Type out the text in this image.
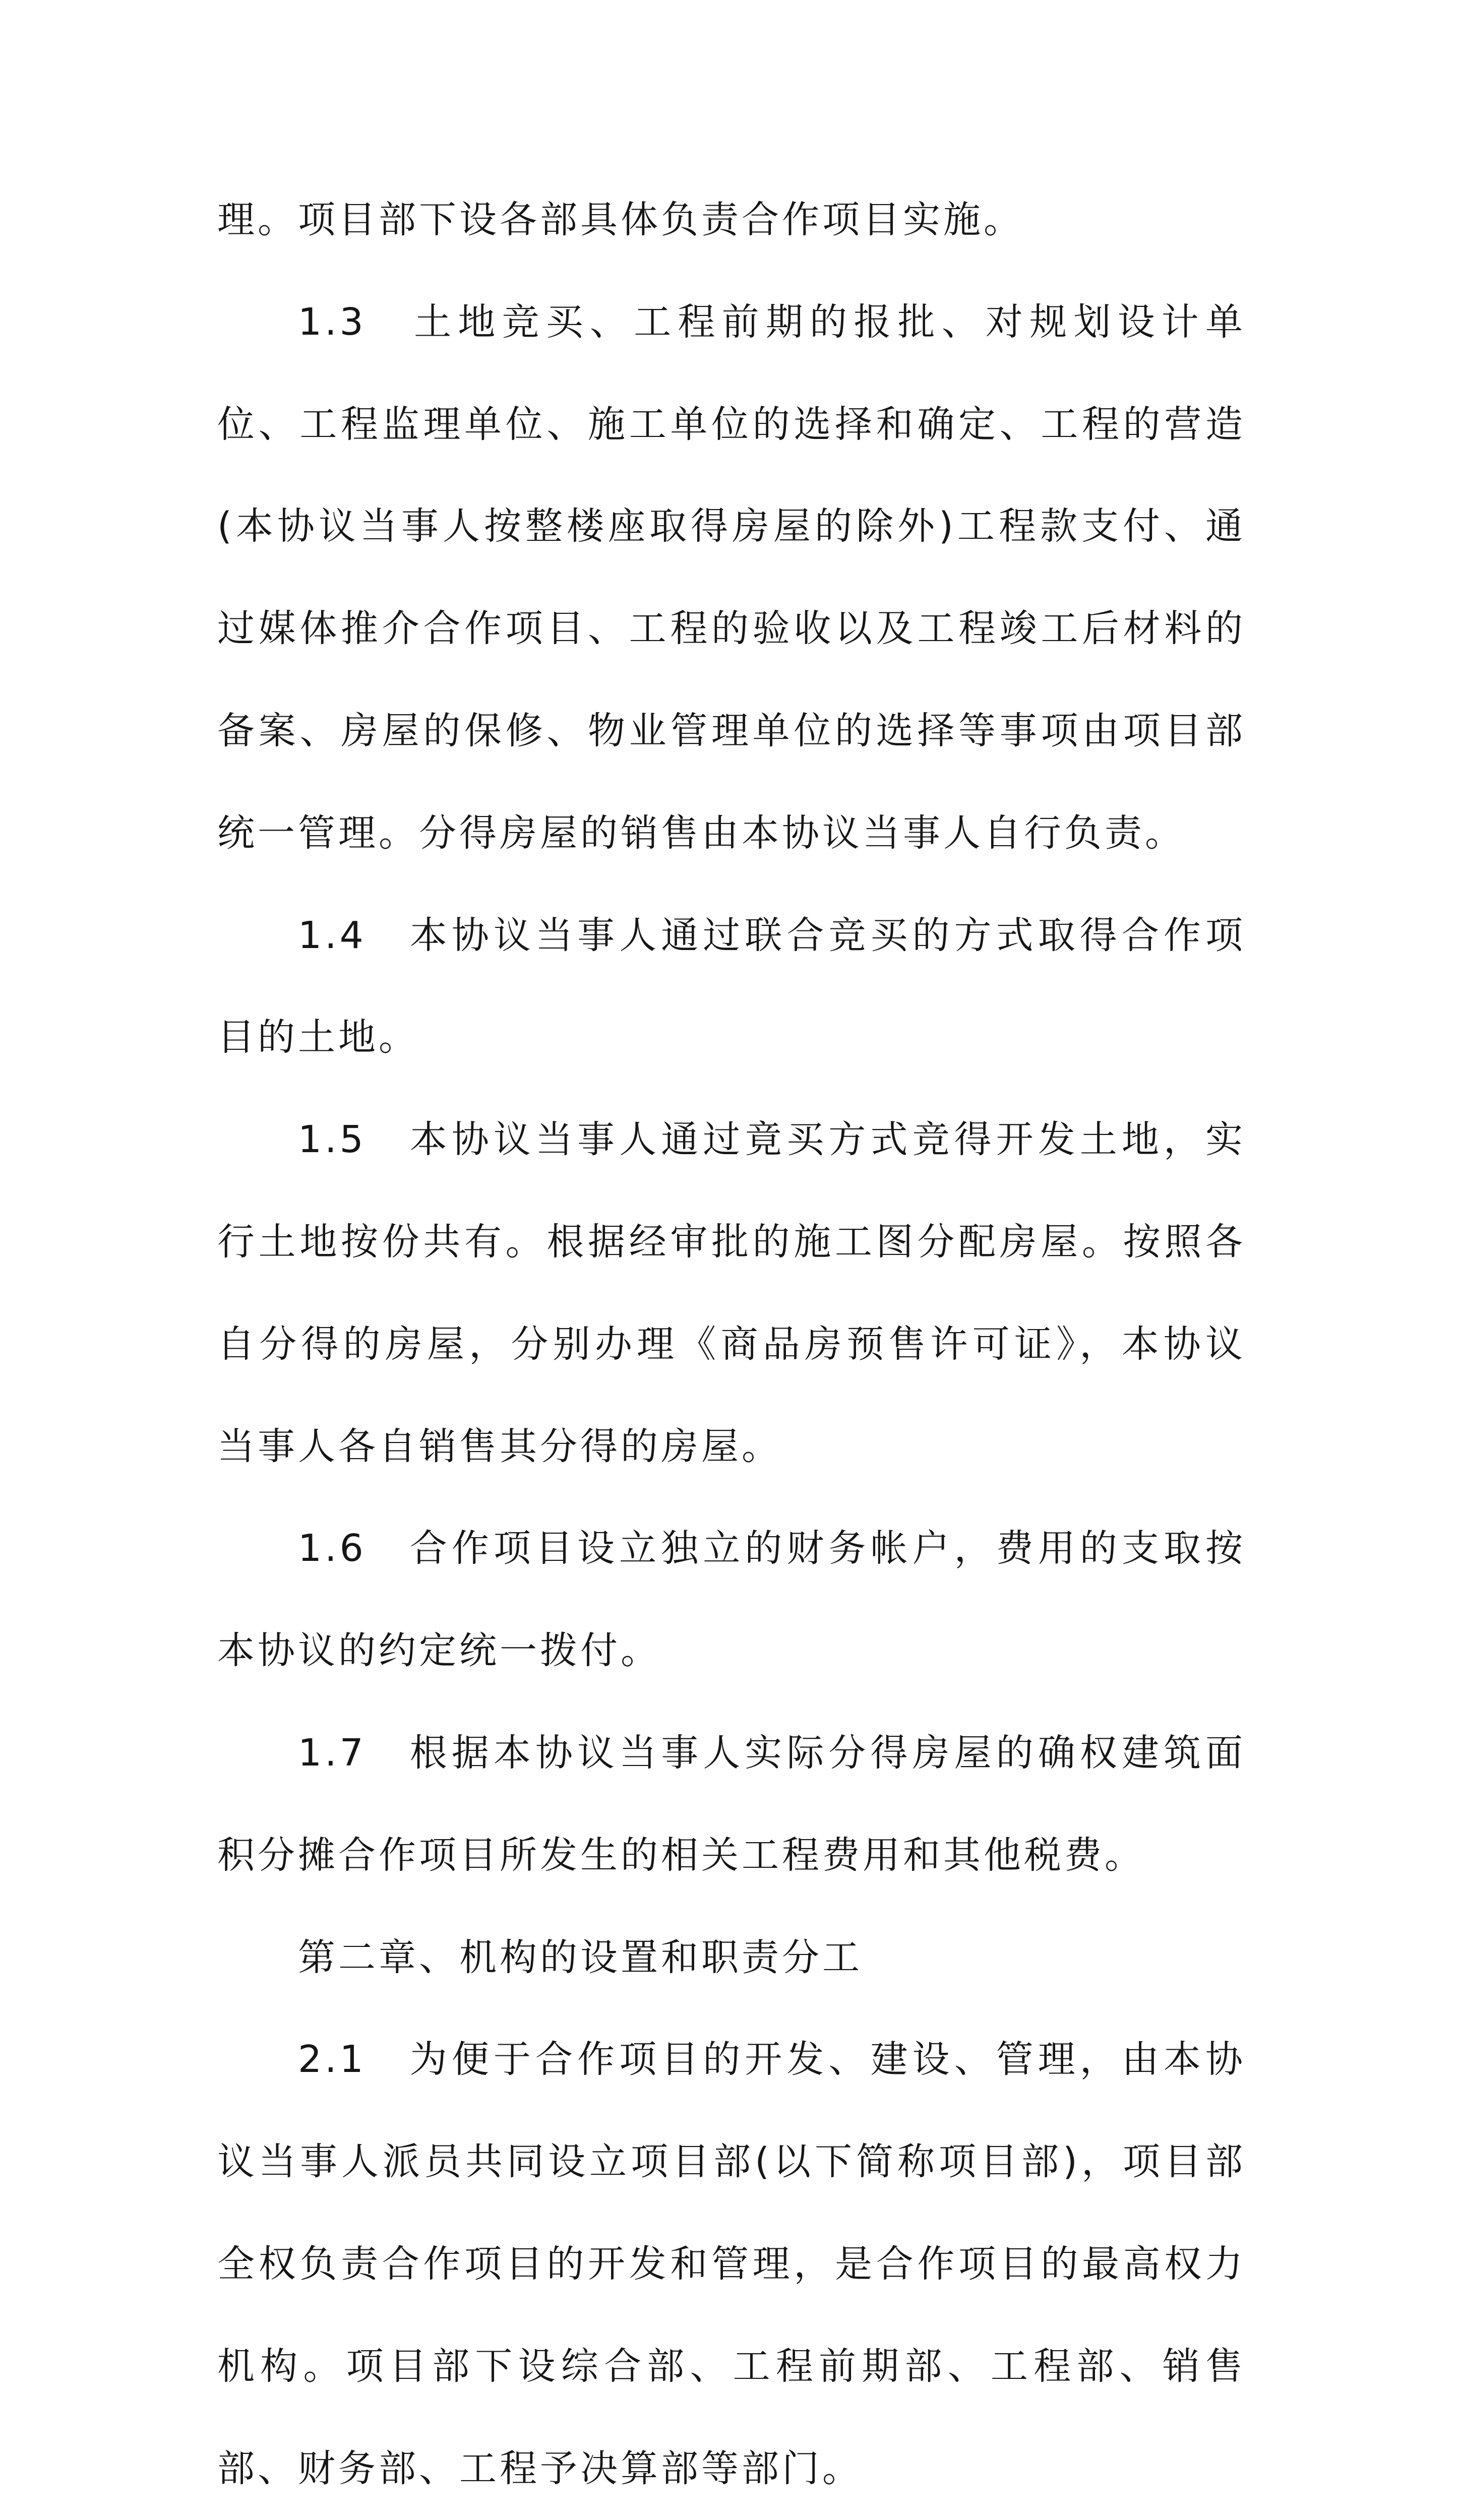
理。项目部下设各部具体负责合作项目实施。

1.3　土地竞买、工程前期的报批、对规划设计单位、工程监理单位、施工单位的选择和确定、工程的营造(本协议当事人按整楼座取得房屋的除外)工程款支付、通过媒体推介合作项目、工程的验收以及工程竣工后材料的备案、房屋的保修、物业管理单位的选择等事项由项目部统一管理。分得房屋的销售由本协议当事人自行负责。

1.4　本协议当事人通过联合竞买的方式取得合作项目的土地。

1.5　本协议当事人通过竟买方式竞得开发土地，实行土地按份共有。根据经审批的施工图分配房屋。按照各自分得的房屋，分别办理《商品房预售许可证》，本协议当事人各自销售其分得的房屋。

1.6　合作项目设立独立的财务帐户，费用的支取按本协议的约定统一拨付。

1.7　根据本协议当事人实际分得房屋的确权建筑面积分摊合作项目所发生的相关工程费用和其他税费。

第二章、机构的设置和职责分工

2.1　为便于合作项目的开发、建设、管理，由本协议当事人派员共同设立项目部(以下简称项目部)，项目部全权负责合作项目的开发和管理，是合作项目的最高权力机构。项目部下设综合部、工程前期部、工程部、销售部、财务部、工程予决算部等部门。
